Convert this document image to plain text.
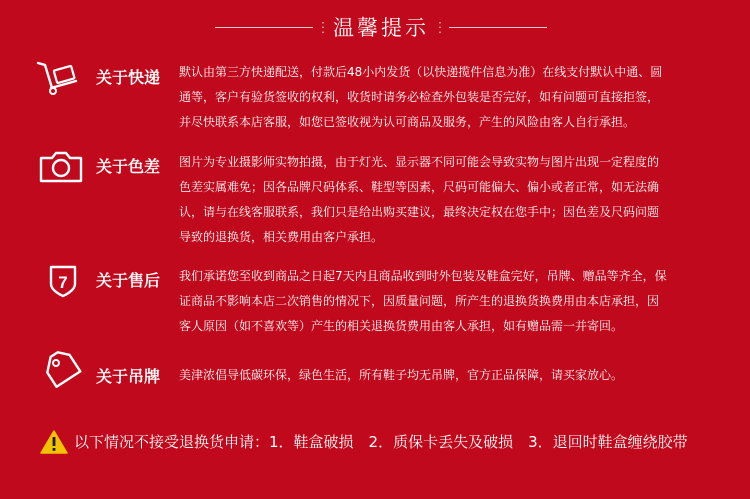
︙ 温馨提示 ︙
关于快递 默认由第三方快递配送，付款后48小内发货（以快递揽件信息为准）在线支付默认中通、圆
通等，客户有验货签收的权利，收货时请务必检查外包装是否完好，如有问题可直接拒签，
并尽快联系本店客服，如您已签收视为认可商品及服务，产生的风险由客人自行承担。
关于色差 图片为专业摄影师实物拍摄，由于灯光、显示器不同可能会导致实物与图片出现一定程度的
色差实属难免；因各品牌尺码体系、鞋型等因素，尺码可能偏大、偏小或者正常，如无法确
认，请与在线客服联系，我们只是给出购买建议，最终决定权在您手中；因色差及尺码问题
导致的退换货，相关费用由客户承担。
7 关于售后 我们承诺您至收到商品之日起7天内且商品收到时外包装及鞋盒完好，吊牌、赠品等齐全，保
证商品不影响本店二次销售的情况下，因质量问题，所产生的退换货换费用由本店承担，因
客人原因（如不喜欢等）产生的相关退换货费用由客人承担，如有赠品需一并寄回。
关于吊牌 美津浓倡导低碳环保，绿色生活，所有鞋子均无吊牌，官方正品保障，请买家放心。
以下情况不接受退换货申请：1．鞋盒破损　2．质保卡丢失及破损　3．退回时鞋盒缠绕胶带
